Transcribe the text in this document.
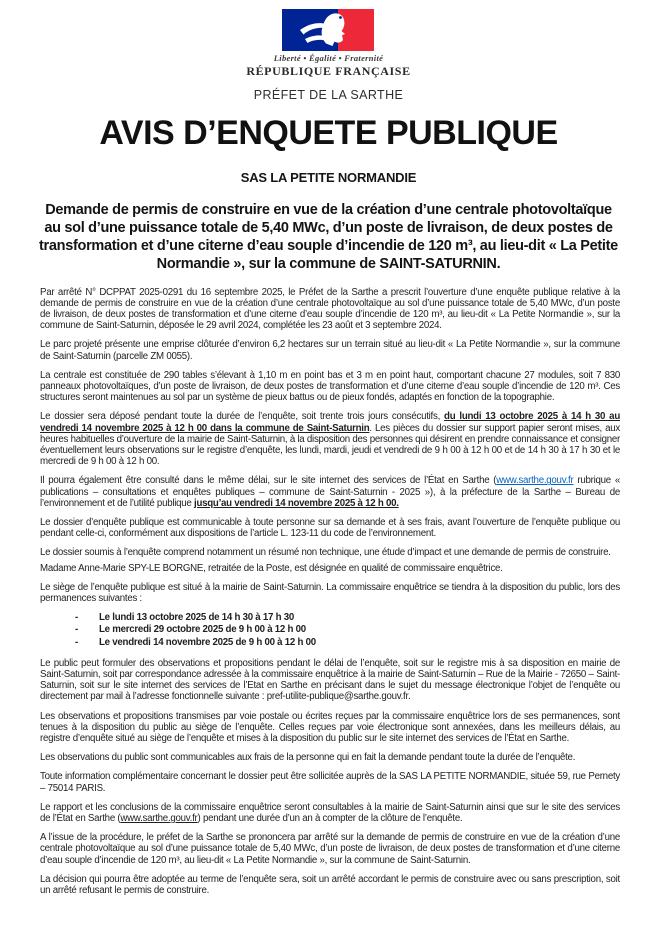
Liberté • Égalité • Fraternité
RÉPUBLIQUE FRANÇAISE
PRÉFET DE LA SARTHE
AVIS D’ENQUETE PUBLIQUE
SAS LA PETITE NORMANDIE

Demande de permis de construire en vue de la création d’une centrale photovoltaïque au sol d’une puissance totale de 5,40 MWc, d’un poste de livraison, de deux postes de transformation et d’une citerne d’eau souple d’incendie de 120 m³, au lieu-dit « La Petite Normandie », sur la commune de SAINT-SATURNIN.

Par arrêté N° DCPPAT 2025-0291 du 16 septembre 2025, le Préfet de la Sarthe a prescrit l’ouverture d’une enquête publique relative à la demande de permis de construire en vue de la création d’une centrale photovoltaïque au sol d’une puissance totale de 5,40 MWc, d’un poste de livraison, de deux postes de transformation et d’une citerne d’eau souple d’incendie de 120 m³, au lieu-dit « La Petite Normandie », sur la commune de Saint-Saturnin, déposée le 29 avril 2024, complétée les 23 août et 3 septembre 2024.

Le parc projeté présente une emprise clôturée d’environ 6,2 hectares sur un terrain situé au lieu-dit « La Petite Normandie », sur la commune de Saint-Saturnin (parcelle ZM 0055).

La centrale est constituée de 290 tables s’élevant à 1,10 m en point bas et 3 m en point haut, comportant chacune 27 modules, soit 7 830 panneaux photovoltaïques, d’un poste de livraison, de deux postes de transformation et d’une citerne d’eau souple d’incendie de 120 m³. Ces structures seront maintenues au sol par un système de pieux battus ou de pieux fondés, adaptés en fonction de la topographie.

Le dossier sera déposé pendant toute la durée de l’enquête, soit trente trois jours consécutifs, du lundi 13 octobre 2025 à 14 h 30 au vendredi 14 novembre 2025 à 12 h 00 dans la commune de Saint-Saturnin. Les pièces du dossier sur support papier seront mises, aux heures habituelles d’ouverture de la mairie de Saint-Saturnin, à la disposition des personnes qui désirent en prendre connaissance et consigner éventuellement leurs observations sur le registre d’enquête, les lundi, mardi, jeudi et vendredi de 9 h 00 à 12 h 00 et de 14 h 30 à 17 h 30 et le mercredi de 9 h 00 à 12 h 00.

Il pourra également être consulté dans le même délai, sur le site internet des services de l’État en Sarthe (www.sarthe.gouv.fr rubrique « publications – consultations et enquêtes publiques – commune de Saint-Saturnin - 2025 »), à la préfecture de la Sarthe – Bureau de l’environnement et de l’utilité publique jusqu’au vendredi 14 novembre 2025 à 12 h 00.

Le dossier d’enquête publique est communicable à toute personne sur sa demande et à ses frais, avant l’ouverture de l’enquête publique ou pendant celle-ci, conformément aux dispositions de l’article L. 123-11 du code de l’environnement.

Le dossier soumis à l’enquête comprend notamment un résumé non technique, une étude d’impact et une demande de permis de construire.

Madame Anne-Marie SPY-LE BORGNE, retraitée de la Poste, est désignée en qualité de commissaire enquêtrice.

Le siège de l’enquête publique est situé à la mairie de Saint-Saturnin. La commissaire enquêtrice se tiendra à la disposition du public, lors des permanences suivantes :

- Le lundi 13 octobre 2025 de 14 h 30 à 17 h 30
- Le mercredi 29 octobre 2025 de 9 h 00 à 12 h 00
- Le vendredi 14 novembre 2025 de 9 h 00 à 12 h 00

Le public peut formuler des observations et propositions pendant le délai de l’enquête, soit sur le registre mis à sa disposition en mairie de Saint-Saturnin, soit par correspondance adressée à la commissaire enquêtrice à la mairie de Saint-Saturnin – Rue de la Mairie - 72650 – Saint-Saturnin, soit sur le site internet des services de l’Etat en Sarthe en précisant dans le sujet du message électronique l’objet de l’enquête ou directement par mail à l’adresse fonctionnelle suivante : pref-utilite-publique@sarthe.gouv.fr.

Les observations et propositions transmises par voie postale ou écrites reçues par la commissaire enquêtrice lors de ses permanences, sont tenues à la disposition du public au siège de l’enquête. Celles reçues par voie électronique sont annexées, dans les meilleurs délais, au registre d’enquête situé au siège de l’enquête et mises à la disposition du public sur le site internet des services de l’État en Sarthe.

Les observations du public sont communicables aux frais de la personne qui en fait la demande pendant toute la durée de l’enquête.

Toute information complémentaire concernant le dossier peut être sollicitée auprès de la SAS LA PETITE NORMANDIE, située 59, rue Pernety – 75014 PARIS.

Le rapport et les conclusions de la commissaire enquêtrice seront consultables à la mairie de Saint-Saturnin ainsi que sur le site des services de l’État en Sarthe (www.sarthe.gouv.fr) pendant une durée d’un an à compter de la clôture de l’enquête.

A l’issue de la procédure, le préfet de la Sarthe se prononcera par arrêté sur la demande de permis de construire en vue de la création d’une centrale photovoltaïque au sol d’une puissance totale de 5,40 MWc, d’un poste de livraison, de deux postes de transformation et d’une citerne d’eau souple d’incendie de 120 m³, au lieu-dit « La Petite Normandie », sur la commune de Saint-Saturnin.

La décision qui pourra être adoptée au terme de l’enquête sera, soit un arrêté accordant le permis de construire avec ou sans prescription, soit un arrêté refusant le permis de construire.
